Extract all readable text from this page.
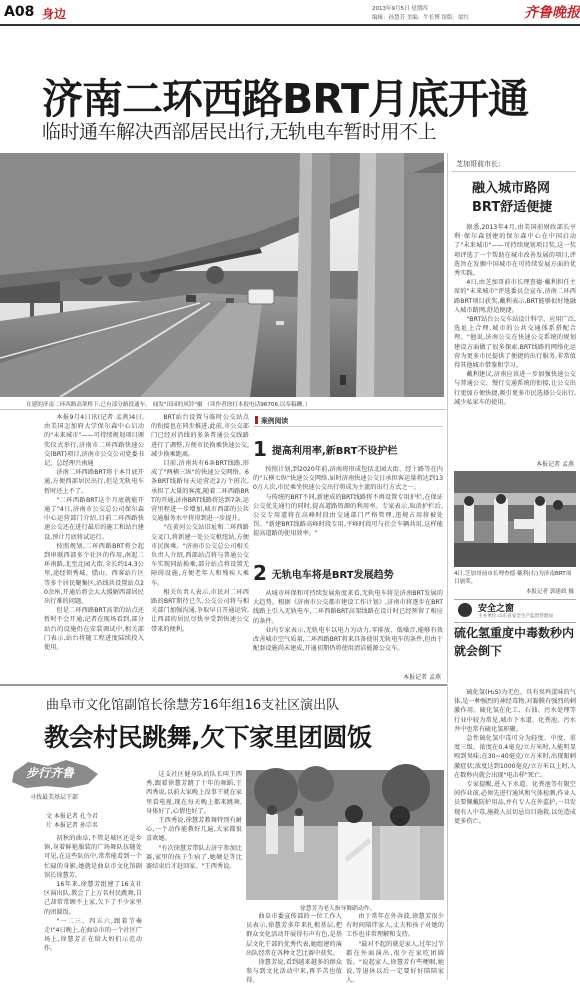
A08 身边	2013年9月5日 星期四
编辑：孙慧芳 美编：牛长博 组版：梁红	齐鲁晚报
济南二环西路BRT月底开通
临时通车解决西部居民出行,无轨电车暂时用不上
在建的济南二环西路高架桥下,已有部分路段通车。 闻发"田园的风铃"摄 （读作者徐打本报电话96706,以奉稿酬。）

本报9月4日讯(记者 孟燕)4日,由美国怎加府大学保尔森中心启动的"未来城市"——可持续规划项目颁奖仪式举行,济南市二环西路快速公交(BRT)项目,济南市公交公司党委书记、总经理兴南通

济南二环西路BRT将于本月底开通,方便西部居民出行,但是无轨电车暂时还上不了。

"二环西路BRT这个月底就能开通了"4日,济南市公交总公司保尔森中心运营部门介绍,目前二环西路快速公交还在进行最后的施工和站台建设,预计月底将试运行。

按照规划,二环西路BRT将会起到串联西部多个社区的作用,南起二环南路,北至北园大街,全长约14.3公里,途经领秀城、腊山、西客站片区等多个居民聚集区,沿线共设置站点20余座,开通后将会大大缓解西部居民出行难的问题。

但是二环西路BRT高架的站点还暂时不会开通,记者在现场看到,部分站台的设施仍在安装调试中,相关部门表示,站台将随工程进度陆续投入使用。

BRT站台设置与临时公交站点的衔接也在同步推进,此前,市公交部门已经对沿线的多条普通公交线路进行了调整,方便市民换乘快速公交,减少换乘距离。

目前,济南共有6条BRT线路,形成了"两横三纵"的快速公交网络。6条BRT线路每天运营近2万个班次,承担了大量的客流,随着二环西路BRT的开通,济南BRT线路将达到7条,运营里程进一步增加,城市西部的公共交通服务水平将得到进一步提升。

"在黄河公交站旧址和二环西路交叉口,将新建一处公交枢纽站,方便市民换乘。"济南市公交总公司相关负责人介绍,西部站点将与普通公交车实现同站换乘,部分站点将设置无障碍设施,方便老年人和残疾人乘车。

相关负责人表示,市民对二环西路的BRT期待已久,公交公司将与相关部门加强沟通,争取早日开通运营,让西部的居民尽快享受到快速公交带来的便利。

案例阅读
1 提高利用率,新BRT不设护栏

按照计划,到2020年前,济南将形成包括北园大街、经十路等在内的"五横七纵"快速公交网络,届时济南快速公交日承担客运量将达到130万人次,市民乘坐快速公交出行将成为主流的出行方式之一。

与传统的BRT不同,新建成的BRT线路将不再设置专用护栏,在保证公交优先通行的同时,提高道路资源的利用率。专家表示,取消护栏后,公交专用道将在高峰时段由交通部门严格管理,违规占用将被处罚。"新建BRT线路高峰时段专用,平峰时段可与社会车辆共用,这样能提高道路的使用效率。"

2 无轨电车将是BRT发展趋势

从城市环保和可持续发展角度来看,无轨电车将是济南BRT发展的大趋势。根据《济南市公交都市建设工作计划》,济南市将逐步在BRT线路上引入无轨电车,二环西路BRT高架线路在设计时已经预留了相应的条件。

业内专家表示,无轨电车以电力为动力,零排放、低噪音,能够有效改善城市空气质量,二环西路BRT将来具备使用无轨电车的条件,但由于配套设施尚未建成,开通初期仍将使用清洁能源公交车。

本报记者 孟燕
芝加哥前市长:
融入城市路网BRT舒适便捷

据悉,2013年4月,由美国前财政部长亨利·保尔森创建的保尔森中心在中国启动了"未来城市"——可持续规划项目奖,这一奖项评选了一个帮助在城市改善发展的项目,评选旨在发掘中国城市在可持续发展方面的优秀实践。

4日,由芝加哥前市长理查德·戴利担任主席的"未来城市"评选委员会宣布,济南二环西路BRT项目获奖,戴利表示,BRT能够很好地融入城市路网,舒适便捷。

"BRT站台公交车站设计科学、应用广泛,选址上合理,城市的公共交通体系搭配合理。"他说,济南公交在快速公交系统的规划建设方面做了很多探索,BRT线路的网络化运营为更多市民提供了便捷的出行服务,非常值得其他城市借鉴和学习。

戴利建议,济南应该进一步加强快速公交与普通公交、慢行交通系统的衔接,让公交出行更加方便快捷,吸引更多市民选择公交出行,减少私家车的使用。

本报记者 孟燕
4日,芝加哥前市长理查德·戴利(右)为济南BRT项目颁奖。
本报记者 郭建政 摄
安全之窗
主办单位:山东省安全生产监督管理局
硫化氢重度中毒数秒内就会倒下

硫化氢(H₂S)为无色、具有臭鸡蛋味的气体,是一种强烈的神经毒物,对黏膜有强烈的刺激作用。硫化氢在化工、石油、污水处理等行业中较为常见,城市下水道、化粪池、污水井中也常有硫化氢积聚。

急性硫化氢中毒可分为轻度、中度、重度三级。浓度在0.4毫克/立方米时,人能明显嗅到臭味;在30~40毫克/立方米时,出现眼刺激症状;浓度达到1000毫克/立方米以上时,人在数秒内就会出现"电击样"死亡。

专家提醒,进入下水道、化粪池等有限空间作业前,必须先进行通风和气体检测,作业人员要佩戴防护用品,并有专人在外监护,一旦发现有人中毒,施救人员切忌盲目施救,以免造成更多伤亡。

曲阜市文化馆副馆长徐慧芳16年组16支社区演出队
教会村民跳舞,欠下家里团圆饭
步行齐鲁
寻找最美基层干部
文 本报记者 孔令君
片 本报记者 孙宗名

初秋的曲阜,不管是城区还是乡镇,身着鲜艳服装的广场舞队伍随处可见,在这些队伍中,常常能看到一个忙碌的身影,她就是曲阜市文化馆副馆长徐慧芳。

16年来,徐慧芳组建了16支社区演出队,教会了上万名村民跳舞,自己却常常顾不上家,欠下了不少家里的团圆饭。

"一二三、四五六,跟着节奏走!"4日晚上,在曲阜市的一个社区广场上,徐慧芳正在给大妈们示范动作。

这支社区健身队的队长叫王西秀,跟着徐慧芳跳了十年的舞蹈,王西秀说,以前大家晚上没事干就在家里看电视,现在每天晚上都来跳舞,身体好了,心情也好了。

王西秀说,徐慧芳教舞特别有耐心,一个动作能教好几遍,大家都很喜欢她。

"有次徐慧芳带队去济宁参加比赛,家里的孩子生病了,她硬是等比赛结束后才赶回家。"王西秀说。

徐慧芳为老人指导舞蹈动作。

曲阜市委宣传部的一位工作人员表示,徐慧芳多年来扎根基层,把群众文化活动开展得有声有色,是基层文化干部的优秀代表,她组建的演出队经常在各种文艺比赛中获奖。

徐慧芳说,看到越来越多的群众参与到文化活动中来,再辛苦也值得。

由于常年在外奔波,徐慧芳很少有时间陪伴家人,丈夫和孩子对她的工作也非常理解和支持。

"最对不起的就是家人,过年过节都在外面演出,很少在家吃团圆饭。"说起家人,徐慧芳有些哽咽,她说,等退休以后一定要好好陪陪家人。
